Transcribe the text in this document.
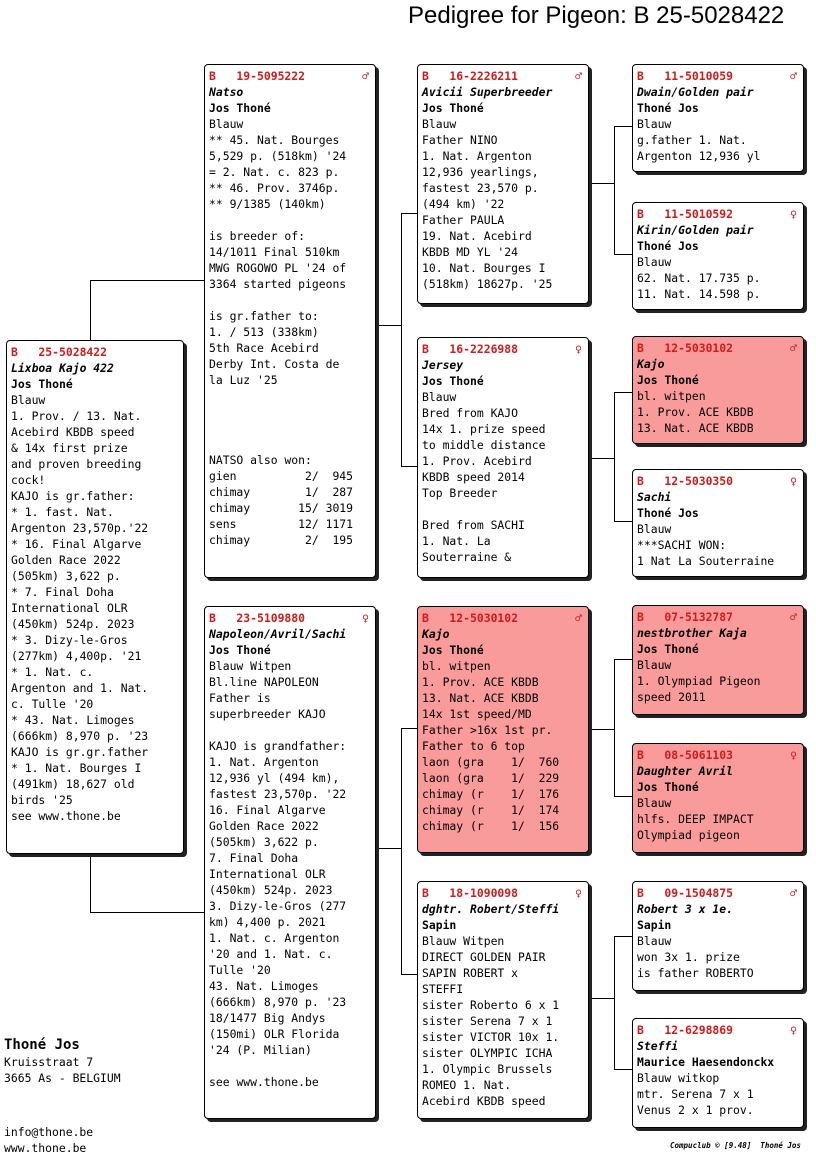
Pedigree for Pigeon: B 25-5028422
B   25-5028422
Lixboa Kajo 422
Jos Thoné
Blauw
1. Prov. / 13. Nat.
Acebird KBDB speed
& 14x first prize
and proven breeding
cock!
KAJO is gr.father:
* 1. fast. Nat.
Argenton 23,570p.'22
* 16. Final Algarve
Golden Race 2022
(505km) 3,622 p.
* 7. Final Doha
International OLR
(450km) 524p. 2023
* 3. Dizy-le-Gros
(277km) 4,400p. '21
* 1. Nat. c.
Argenton and 1. Nat.
c. Tulle '20
* 43. Nat. Limoges
(666km) 8,970 p. '23
KAJO is gr.gr.father
* 1. Nat. Bourges I
(491km) 18,627 old
birds '25
see www.thone.be
B   19-5095222	♂
Natso
Jos Thoné
Blauw
** 45. Nat. Bourges
5,529 p. (518km) '24
= 2. Nat. c. 823 p.
** 46. Prov. 3746p.
** 9/1385 (140km)
is breeder of:
14/1011 Final 510km
MWG ROGOWO PL '24 of
3364 started pigeons
is gr.father to:
1. / 513 (338km)
5th Race Acebird
Derby Int. Costa de
la Luz '25
NATSO also won:
gien          2/  945
chimay        1/  287
chimay       15/ 3019
sens         12/ 1171
chimay        2/  195
B   23-5109880	♀
Napoleon/Avril/Sachi
Jos Thoné
Blauw Witpen
Bl.line NAPOLEON
Father is
superbreeder KAJO
KAJO is grandfather:
1. Nat. Argenton
12,936 yl (494 km),
fastest 23,570p. '22
16. Final Algarve
Golden Race 2022
(505km) 3,622 p.
7. Final Doha
International OLR
(450km) 524p. 2023
3. Dizy-le-Gros (277
km) 4,400 p. 2021
1. Nat. c. Argenton
'20 and 1. Nat. c.
Tulle '20
43. Nat. Limoges
(666km) 8,970 p. '23
18/1477 Big Andys
(150mi) OLR Florida
'24 (P. Milian)
see www.thone.be
B   16-2226211	♂
Avicii Superbreeder
Jos Thoné
Blauw
Father NINO
1. Nat. Argenton
12,936 yearlings,
fastest 23,570 p.
(494 km) '22
Father PAULA
19. Nat. Acebird
KBDB MD YL '24
10. Nat. Bourges I
(518km) 18627p. '25
B   16-2226988	♀
Jersey
Jos Thoné
Blauw
Bred from KAJO
14x 1. prize speed
to middle distance
1. Prov. Acebird
KBDB speed 2014
Top Breeder
Bred from SACHI
1. Nat. La
Souterraine &
B   12-5030102	♂
Kajo
Jos Thoné
bl. witpen
1. Prov. ACE KBDB
13. Nat. ACE KBDB
14x 1st speed/MD
Father >16x 1st pr.
Father to 6 top
laon (gra    1/  760
laon (gra    1/  229
chimay (r    1/  176
chimay (r    1/  174
chimay (r    1/  156
B   18-1090098	♀
dghtr. Robert/Steffi
Sapin
Blauw Witpen
DIRECT GOLDEN PAIR
SAPIN ROBERT x
STEFFI
sister Roberto 6 x 1
sister Serena 7 x 1
sister VICTOR 10x 1.
sister OLYMPIC ICHA
1. Olympic Brussels
ROMEO 1. Nat.
Acebird KBDB speed
B   11-5010059	♂
Dwain/Golden pair
Thoné Jos
Blauw
g.father 1. Nat.
Argenton 12,936 yl
B   11-5010592	♀
Kirin/Golden pair
Thoné Jos
Blauw
62. Nat. 17.735 p.
11. Nat. 14.598 p.
B   12-5030102	♂
Kajo
Jos Thoné
bl. witpen
1. Prov. ACE KBDB
13. Nat. ACE KBDB
B   12-5030350	♀
Sachi
Thoné Jos
Blauw
***SACHI WON:
1 Nat La Souterraine
B   07-5132787	♂
nestbrother Kaja
Jos Thoné
Blauw
1. Olympiad Pigeon
speed 2011
B   08-5061103	♀
Daughter Avril
Jos Thoné
Blauw
hlfs. DEEP IMPACT
Olympiad pigeon
B   09-1504875	♂
Robert 3 x 1e.
Sapin
Blauw
won 3x 1. prize
is father ROBERTO
B   12-6298869	♀
Steffi
Maurice Haesendonckx
Blauw witkop
mtr. Serena 7 x 1
Venus 2 x 1 prov.
Thoné Jos
Kruisstraat 7
3665 As - BELGIUM
info@thone.be
www.thone.be	Compuclub © [9.48]  Thoné Jos
